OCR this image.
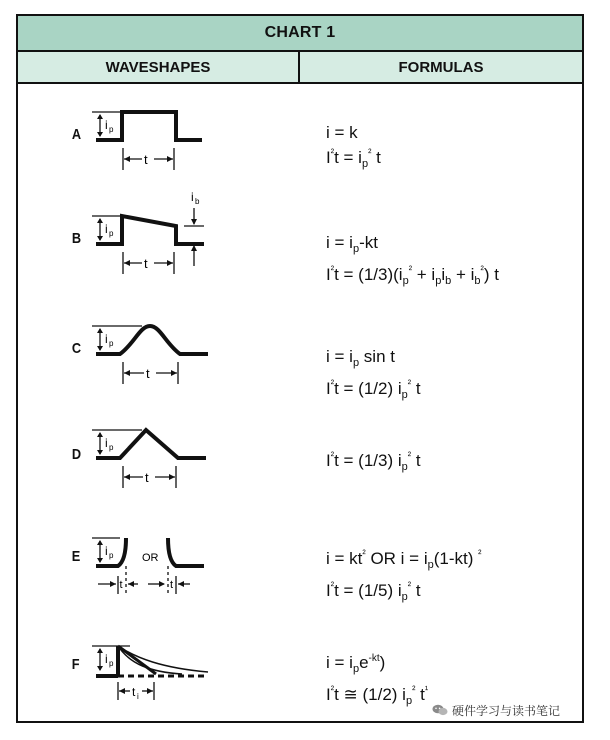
CHART 1
WAVESHAPES	FORMULAS
A
i p
t
i = k
$I^{^2}t = i_p^{^2}$ t
B
i b
i p
t
$i = i_p-kt$
$I^{^2}t = (1/3)(i_p^{^2} + i_pi_b + i_b^{^2})$ t
C
i p
t
$i = i_p$ sin t
$I^{^2}t = (1/2)$ $i_p^{^2}$ t
D
i p
t
$I^{^2}t = (1/3)$ $i_p^{^2}$ t
E i p	OR
t	t
$i = kt^{^2}$ OR $i = i_p(1-kt)$ $^{^2}$
$I^{^2}t = (1/5)$ $i_p^{^2}$ t
F i p
t i
$i = i_pe^{-kt}$)
$I^{^2}t$ ≅ (1/2) $i_p^{^2}$ $t^{^1}$
硬件学习与读书笔记
